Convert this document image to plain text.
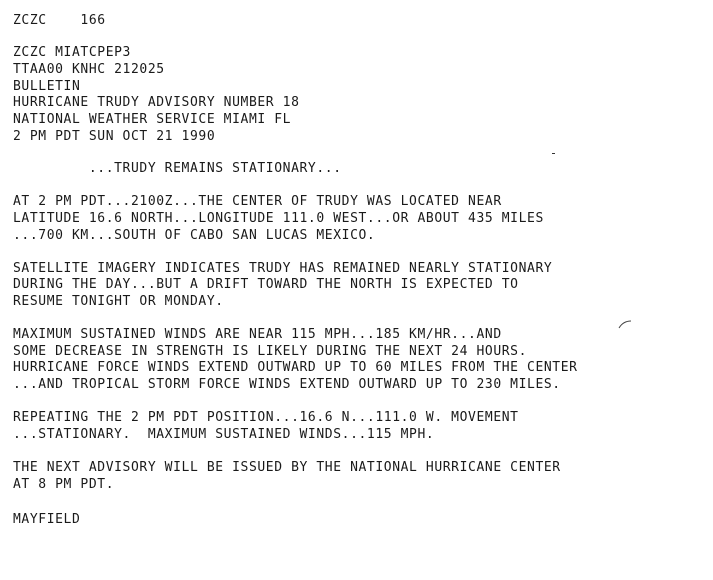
ZCZC    166
ZCZC MIATCPEP3
TTAA00 KNHC 212025
BULLETIN
HURRICANE TRUDY ADVISORY NUMBER 18
NATIONAL WEATHER SERVICE MIAMI FL
2 PM PDT SUN OCT 21 1990
...TRUDY REMAINS STATIONARY...
AT 2 PM PDT...2100Z...THE CENTER OF TRUDY WAS LOCATED NEAR
LATITUDE 16.6 NORTH...LONGITUDE 111.0 WEST...OR ABOUT 435 MILES
...700 KM...SOUTH OF CABO SAN LUCAS MEXICO.
SATELLITE IMAGERY INDICATES TRUDY HAS REMAINED NEARLY STATIONARY
DURING THE DAY...BUT A DRIFT TOWARD THE NORTH IS EXPECTED TO
RESUME TONIGHT OR MONDAY.
MAXIMUM SUSTAINED WINDS ARE NEAR 115 MPH...185 KM/HR...AND
SOME DECREASE IN STRENGTH IS LIKELY DURING THE NEXT 24 HOURS.
HURRICANE FORCE WINDS EXTEND OUTWARD UP TO 60 MILES FROM THE CENTER
...AND TROPICAL STORM FORCE WINDS EXTEND OUTWARD UP TO 230 MILES.
REPEATING THE 2 PM PDT POSITION...16.6 N...111.0 W. MOVEMENT
...STATIONARY.  MAXIMUM SUSTAINED WINDS...115 MPH.
THE NEXT ADVISORY WILL BE ISSUED BY THE NATIONAL HURRICANE CENTER
AT 8 PM PDT.
MAYFIELD
